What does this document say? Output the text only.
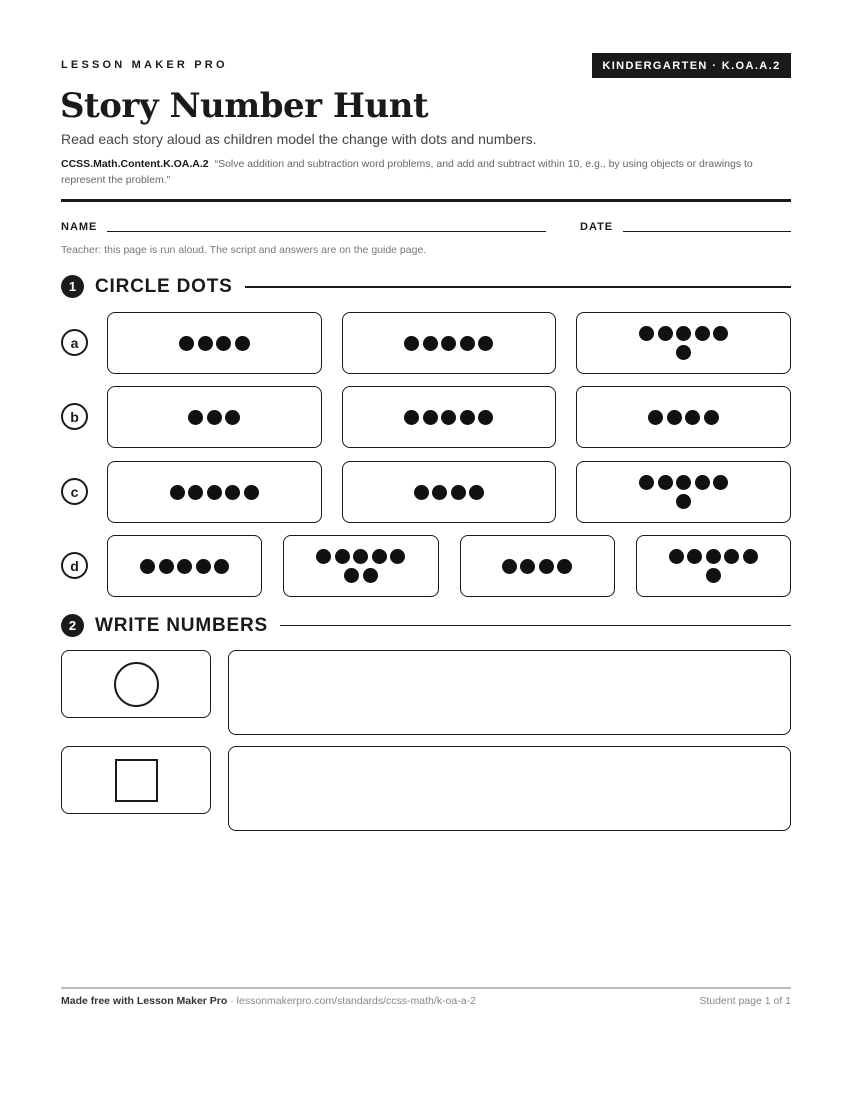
LESSON MAKER PRO	KINDERGARTEN · K.OA.A.2
Story Number Hunt
Read each story aloud as children model the change with dots and numbers.
CCSS.Math.Content.K.OA.A.2 “Solve addition and subtraction word problems, and add and subtract within 10, e.g., by using objects or drawings to represent the problem.”
NAME	DATE
Teacher: this page is run aloud. The script and answers are on the guide page.
1 CIRCLE DOTS
a
b
c
d
2 WRITE NUMBERS
Made free with Lesson Maker Pro · lessonmakerpro.com/standards/ccss-math/k-oa-a-2	Student page 1 of 1
